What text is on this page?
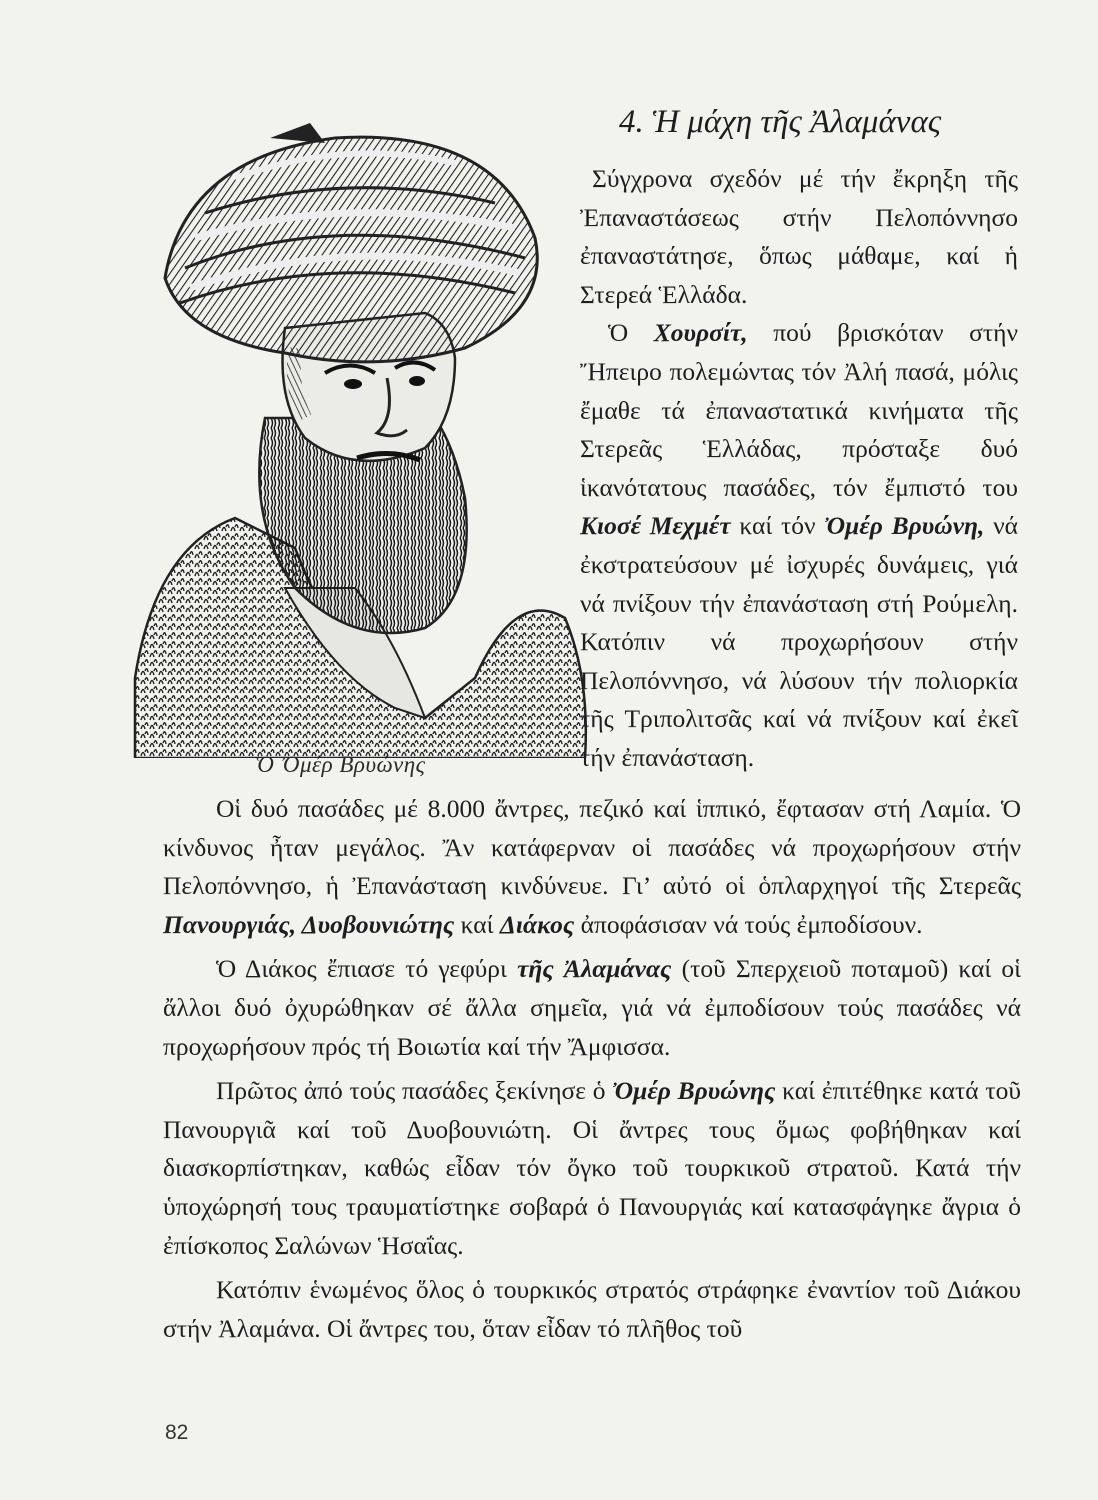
Ὁ Ὀμέρ Βρυώνης
4. Ἡ μάχη τῆς Ἀλαμάνας

Σύγχρονα σχεδόν μέ τήν ἔκρηξη τῆς Ἐπαναστάσεως στήν Πελοπόννησο ἐπαναστάτησε, ὅπως μάθαμε, καί ἡ Στερεά Ἑλλάδα.

Ὁ Χουρσίτ, πού βρισκόταν στήν Ἤπειρο πολεμώντας τόν Ἀλή πασά, μόλις ἔμαθε τά ἐπαναστατικά κινήματα τῆς Στερεᾶς Ἑλλάδας, πρόσταξε δυό ἱκανότατους πασάδες, τόν ἔμπιστό του Κιοσέ Μεχμέτ καί τόν Ὀμέρ Βρυώνη, νά ἐκστρατεύσουν μέ ἰσχυρές δυνάμεις, γιά νά πνίξουν τήν ἐπανάσταση στή Ρούμελη. Κατόπιν νά προχωρήσουν στήν Πελοπόννησο, νά λύσουν τήν πολιορκία τῆς Τριπολιτσᾶς καί νά πνίξουν καί ἐκεῖ τήν ἐπανάσταση.

Οἱ δυό πασάδες μέ 8.000 ἄντρες, πεζικό καί ἱππικό, ἔφτασαν στή Λαμία. Ὁ κίνδυνος ἦταν μεγάλος. Ἄν κατάφερναν οἱ πασάδες νά προχωρήσουν στήν Πελοπόννησο, ἡ Ἐπανάσταση κινδύνευε. Γι’ αὐτό οἱ ὁπλαρχηγοί τῆς Στερεᾶς Πανουργιάς, Δυοβουνιώτης καί Διάκος ἀποφάσισαν νά τούς ἐμποδίσουν.

Ὁ Διάκος ἔπιασε τό γεφύρι τῆς Ἀλαμάνας (τοῦ Σπερχειοῦ ποταμοῦ) καί οἱ ἄλλοι δυό ὀχυρώθηκαν σέ ἄλλα σημεῖα, γιά νά ἐμποδίσουν τούς πασάδες νά προχωρήσουν πρός τή Βοιωτία καί τήν Ἄμφισσα.

Πρῶτος ἀπό τούς πασάδες ξεκίνησε ὁ Ὀμέρ Βρυώνης καί ἐπιτέθηκε κατά τοῦ Πανουργιᾶ καί τοῦ Δυοβουνιώτη. Οἱ ἄντρες τους ὅμως φοβήθηκαν καί διασκορπίστηκαν, καθώς εἶδαν τόν ὄγκο τοῦ τουρκικοῦ στρατοῦ. Κατά τήν ὑποχώρησή τους τραυματίστηκε σοβαρά ὁ Πανουργιάς καί κατασφάγηκε ἄγρια ὁ ἐπίσκοπος Σαλώνων Ἡσαΐας.

Κατόπιν ἑνωμένος ὅλος ὁ τουρκικός στρατός στράφηκε ἐναντίον τοῦ Διάκου στήν Ἀλαμάνα. Οἱ ἄντρες του, ὅταν εἶδαν τό πλῆθος τοῦ

82
